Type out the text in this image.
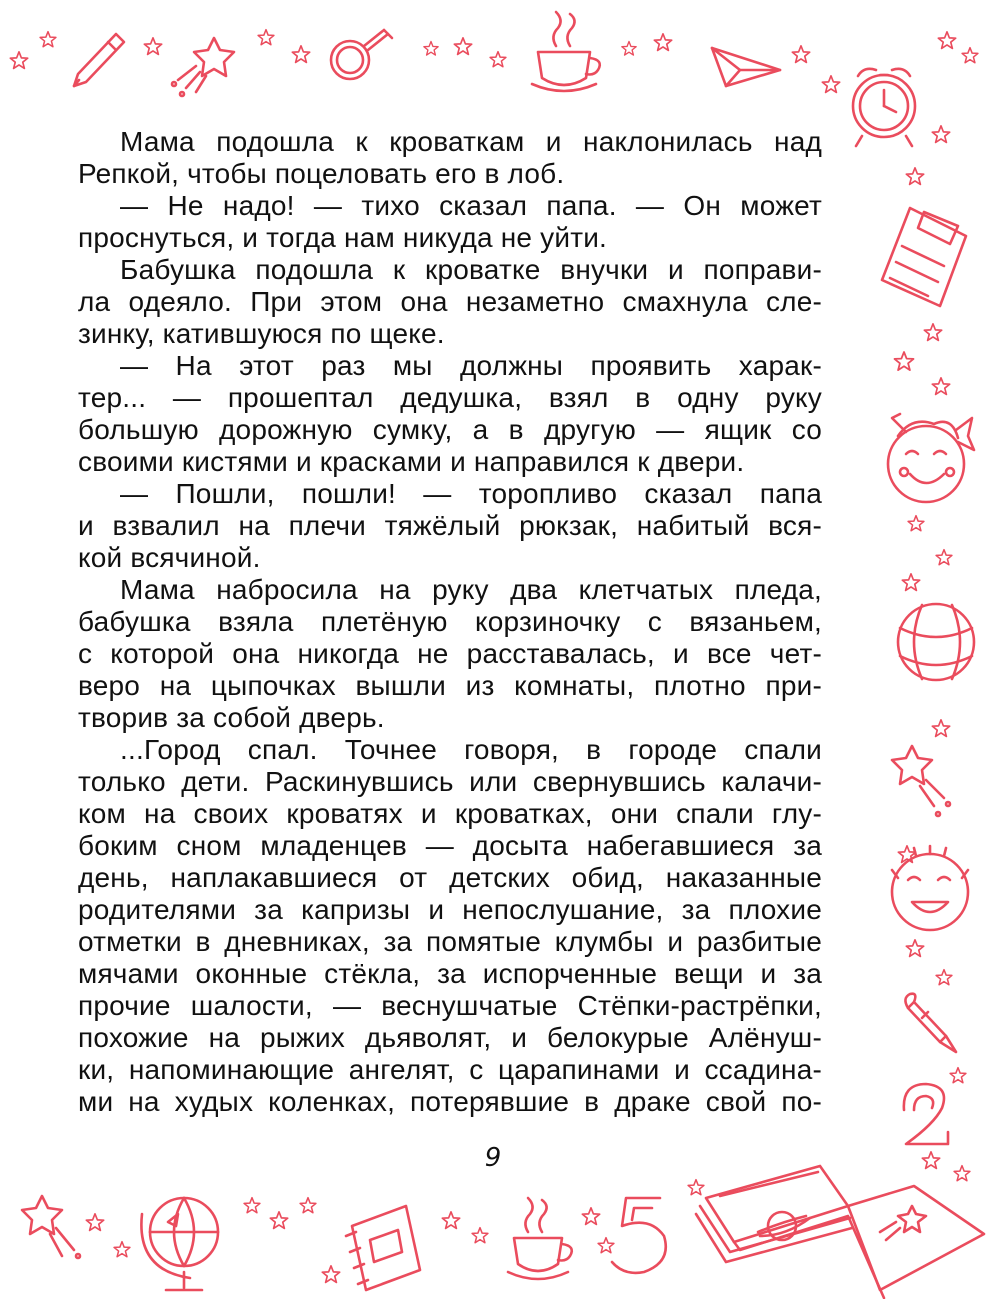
Мама подошла к кроваткам и наклонилась над
Репкой, чтобы поцеловать его в лоб.
— Не надо! — тихо сказал папа. — Он может
проснуться, и тогда нам никуда не уйти.
Бабушка подошла к кроватке внучки и поправи-
ла одеяло. При этом она незаметно смахнула сле-
зинку, катившуюся по щеке.
— На этот раз мы должны проявить харак-
тер... — прошептал дедушка, взял в одну руку
большую дорожную сумку, а в другую — ящик со
своими кистями и красками и направился к двери.
— Пошли, пошли! — торопливо сказал папа
и взвалил на плечи тяжёлый рюкзак, набитый вся-
кой всячиной.
Мама набросила на руку два клетчатых пледа,
бабушка взяла плетёную корзиночку с вязаньем,
с которой она никогда не расставалась, и все чет-
веро на цыпочках вышли из комнаты, плотно при-
творив за собой дверь.
...Город спал. Точнее говоря, в городе спали
только дети. Раскинувшись или свернувшись калачи-
ком на своих кроватях и кроватках, они спали глу-
боким сном младенцев — досыта набегавшиеся за
день, наплакавшиеся от детских обид, наказанные
родителями за капризы и непослушание, за плохие
отметки в дневниках, за помятые клумбы и разбитые
мячами оконные стёкла, за испорченные вещи и за
прочие шалости, — веснушчатые Стёпки-растрёпки,
похожие на рыжих дьяволят, и белокурые Алёнуш-
ки, напоминающие ангелят, с царапинами и ссадина-
ми на худых коленках, потерявшие в драке свой по-
9
